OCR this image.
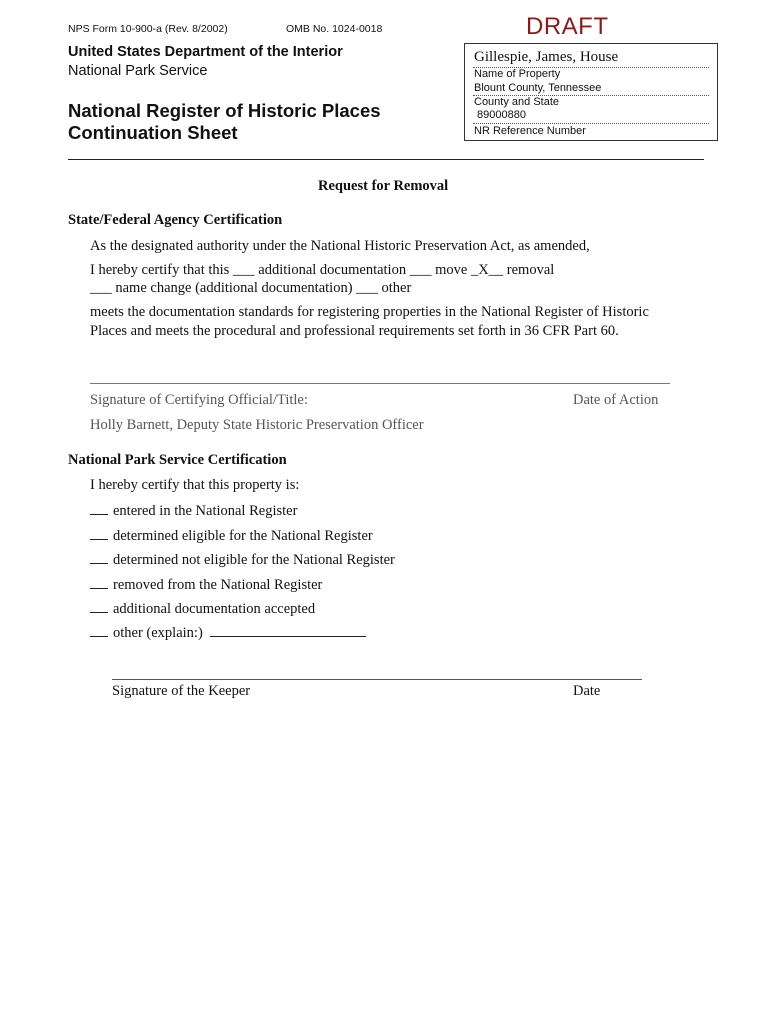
NPS Form 10-900-a (Rev. 8/2002)	OMB No. 1024-0018	DRAFT
United States Department of the Interior
National Park Service
National Register of Historic Places
Continuation Sheet
Gillespie, James, House
Name of Property
Blount County, Tennessee
County and State
89000880
NR Reference Number
Request for Removal
State/Federal Agency Certification
As the designated authority under the National Historic Preservation Act, as amended,
I hereby certify that this ___ additional documentation ___ move _X__ removal
___ name change (additional documentation) ___ other
meets the documentation standards for registering properties in the National Register of Historic
Places and meets the procedural and professional requirements set forth in 36 CFR Part 60.
Signature of Certifying Official/Title:	Date of Action
Holly Barnett, Deputy State Historic Preservation Officer
National Park Service Certification
I hereby certify that this property is:
entered in the National Register
determined eligible for the National Register
determined not eligible for the National Register
removed from the National Register
additional documentation accepted
other (explain:)
Signature of the Keeper	Date
